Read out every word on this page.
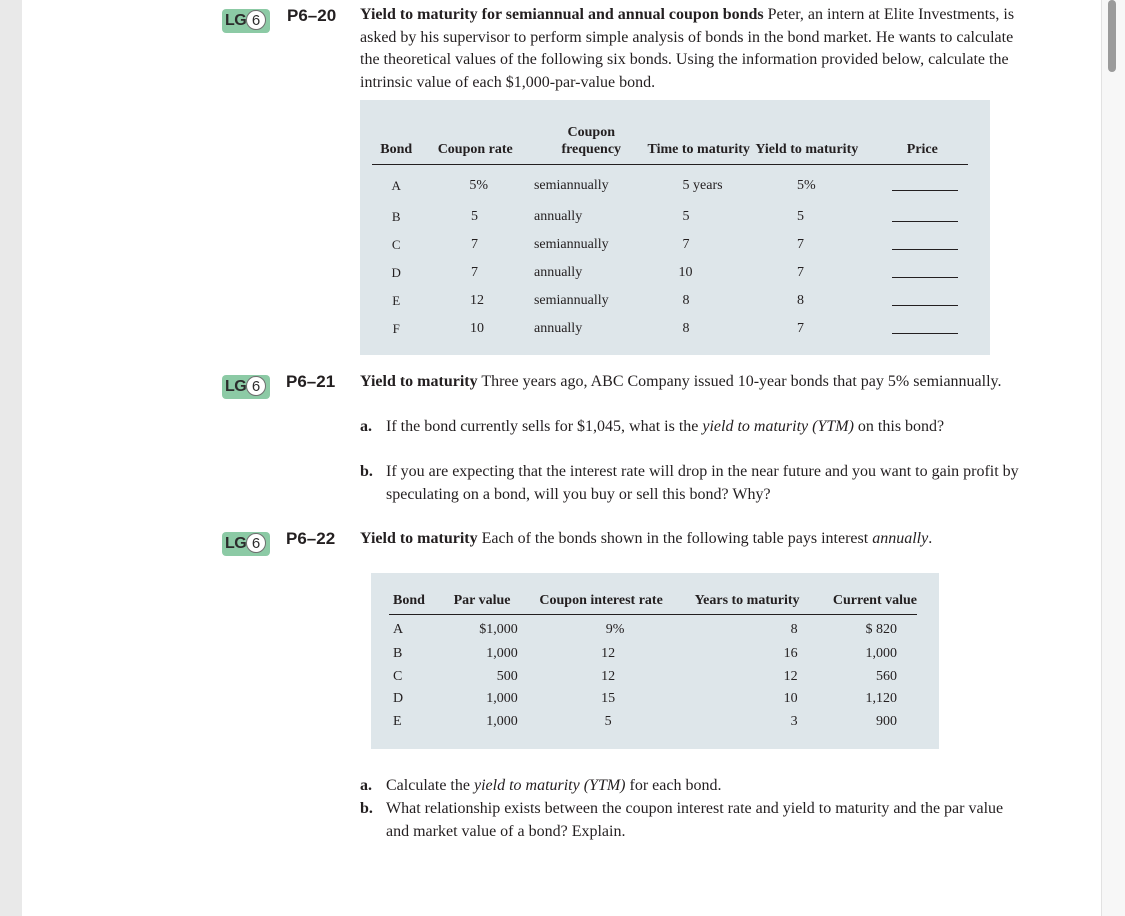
LG 6	P6–20 Yield to maturity for semiannual and annual coupon bonds Peter, an intern at Elite Investments, is asked by his supervisor to perform simple analysis of bonds in the bond market. He wants to calculate the theoretical values of the following six bonds. Using the information provided below, calculate the intrinsic value of each $1,000-par-value bond.
Bond	Coupon rate	Coupon frequency	Time to maturity	Yield to maturity	Price
A	5%	semiannually	5 years	5%	
B	5	annually	5	5	
C	7	semiannually	7	7	
D	7	annually	10	7	
E	12	semiannually	8	8	
F	10	annually	8	7	
LG 6	P6–21 Yield to maturity Three years ago, ABC Company issued 10-year bonds that pay 5% semiannually.
a. If the bond currently sells for $1,045, what is the yield to maturity (YTM) on this bond?
b. If you are expecting that the interest rate will drop in the near future and you want to gain profit by speculating on a bond, will you buy or sell this bond? Why?
LG 6	P6–22 Yield to maturity Each of the bonds shown in the following table pays interest annually.
Bond	Par value	Coupon interest rate	Years to maturity	Current value
A	$1,000	9%	8	$ 820
B	1,000	12	16	1,000
C	500	12	12	560
D	1,000	15	10	1,120
E	1,000	5	3	900
a. Calculate the yield to maturity (YTM) for each bond.
b. What relationship exists between the coupon interest rate and yield to maturity and the par value and market value of a bond? Explain.
